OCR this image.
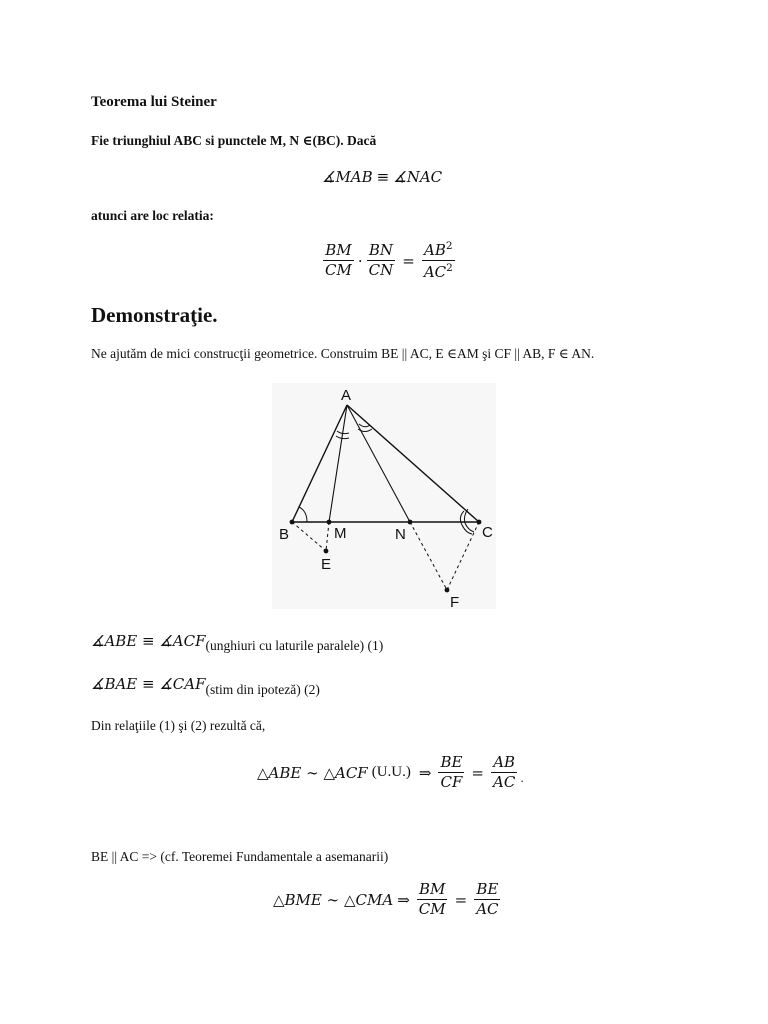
Teorema lui Steiner
Fie triunghiul ABC si punctele M, N ∈(BC). Dacă
∡MAB ≡ ∡NAC
atunci are loc relatia:
$\frac{BM}{CM} \cdot \frac{BN}{CN} = \frac{AB^2}{AC^2}$
Demonstraţie.
Ne ajutăm de mici construcţii geometrice. Construim BE || AC, E ∈AM şi CF || AB, F ∈ AN.
A
B	M	N	C
E
F
∡ABE ≡ ∡ACF (unghiuri cu laturile paralele) (1)
∡BAE ≡ ∡CAF (stim din ipoteză) (2)
Din relaţiile (1) şi (2) rezultă că,
△ABE ∼ △ACF (U.U.) ⇒ $\frac{BE}{CF} = \frac{AB}{AC}$ .
BE || AC => (cf. Teoremei Fundamentale a asemanarii)
△BME ∼ △CMA ⇒ $\frac{BM}{CM} = \frac{BE}{AC}$
